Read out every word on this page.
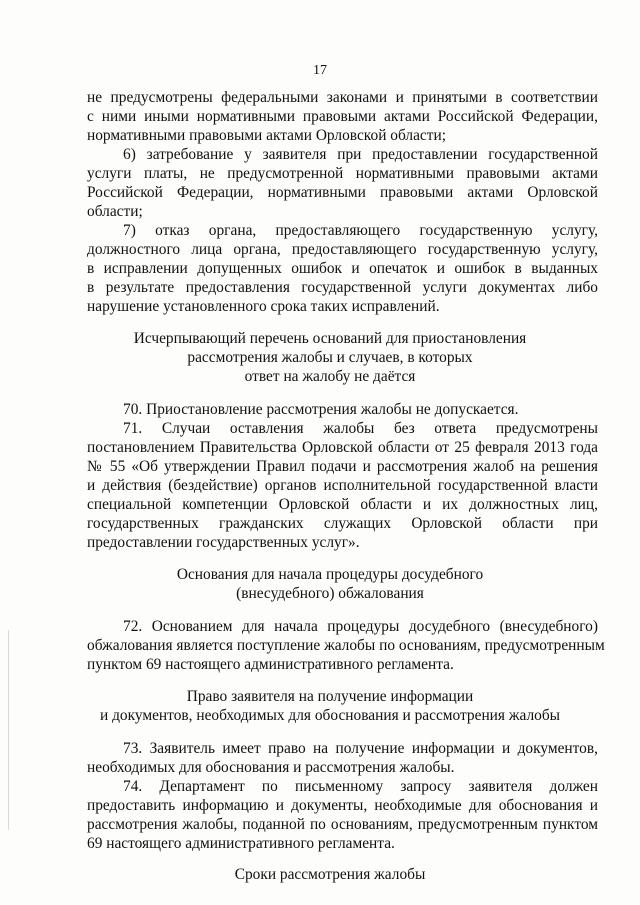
17
не предусмотрены федеральными законами и принятыми в соответствии
с ними иными нормативными правовыми актами Российской Федерации,
нормативными правовыми актами Орловской области;
6) затребование у заявителя при предоставлении государственной
услуги платы, не предусмотренной нормативными правовыми актами
Российской Федерации, нормативными правовыми актами Орловской
области;
7) отказ органа, предоставляющего государственную услугу,
должностного лица органа, предоставляющего государственную услугу,
в исправлении допущенных ошибок и опечаток и ошибок в выданных
в результате предоставления государственной услуги документах либо
нарушение установленного срока таких исправлений.
Исчерпывающий перечень оснований для приостановления
рассмотрения жалобы и случаев, в которых
ответ на жалобу не даётся
70. Приостановление рассмотрения жалобы не допускается.
71. Случаи оставления жалобы без ответа предусмотрены
постановлением Правительства Орловской области от 25 февраля 2013 года
№ 55 «Об утверждении Правил подачи и рассмотрения жалоб на решения
и действия (бездействие) органов исполнительной государственной власти
специальной компетенции Орловской области и их должностных лиц,
государственных гражданских служащих Орловской области при
предоставлении государственных услуг».
Основания для начала процедуры досудебного
(внесудебного) обжалования
72. Основанием для начала процедуры досудебного (внесудебного)
обжалования является поступление жалобы по основаниям, предусмотренным
пунктом 69 настоящего административного регламента.
Право заявителя на получение информации
и документов, необходимых для обоснования и рассмотрения жалобы
73. Заявитель имеет право на получение информации и документов,
необходимых для обоснования и рассмотрения жалобы.
74. Департамент по письменному запросу заявителя должен
предоставить информацию и документы, необходимые для обоснования и
рассмотрения жалобы, поданной по основаниям, предусмотренным пунктом
69 настоящего административного регламента.
Сроки рассмотрения жалобы
